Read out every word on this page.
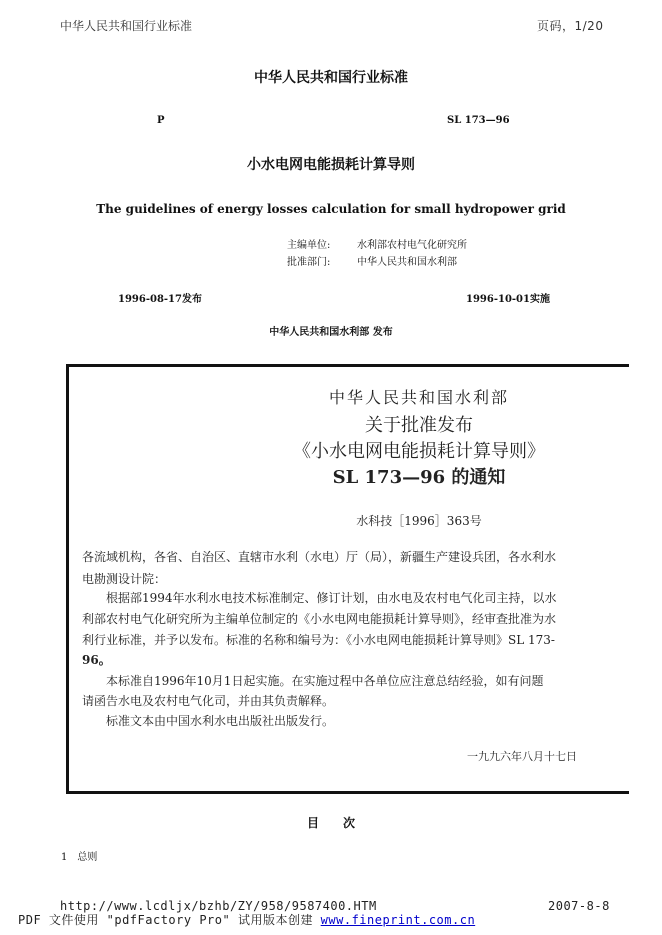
中华人民共和国行业标准	页码，1/20
中华人民共和国行业标准
P	SL 173—96
小水电网电能损耗计算导则
The guidelines of energy losses calculation for small hydropower grid
主编单位:	水利部农村电气化研究所
批准部门:	中华人民共和国水利部
1996-08-17发布	1996-10-01实施
中华人民共和国水利部 发布
中华人民共和国水利部
关于批准发布
《小水电网电能损耗计算导则》
SL 173—96 的通知
水科技［1996］363号
各流域机构，各省、自治区、直辖市水利（水电）厅（局），新疆生产建设兵团，各水利水
电勘测设计院：
　　根据部1994年水利水电技术标准制定、修订计划，由水电及农村电气化司主持，以水
利部农村电气化研究所为主编单位制定的《小水电网电能损耗计算导则》，经审查批准为水
利行业标准，并予以发布。标准的名称和编号为：《小水电网电能损耗计算导则》SL 173-
96。
　　本标准自1996年10月1日起实施。在实施过程中各单位应注意总结经验，如有问题
请函告水电及农村电气化司，并由其负责解释。
　　标准文本由中国水利水电出版社出版发行。
一九九六年八月十七日
目　　次
1　总则
http://www.lcdljx/bzhb/ZY/958/9587400.HTM	2007-8-8
PDF 文件使用 "pdfFactory Pro" 试用版本创建 www.fineprint.com.cn
